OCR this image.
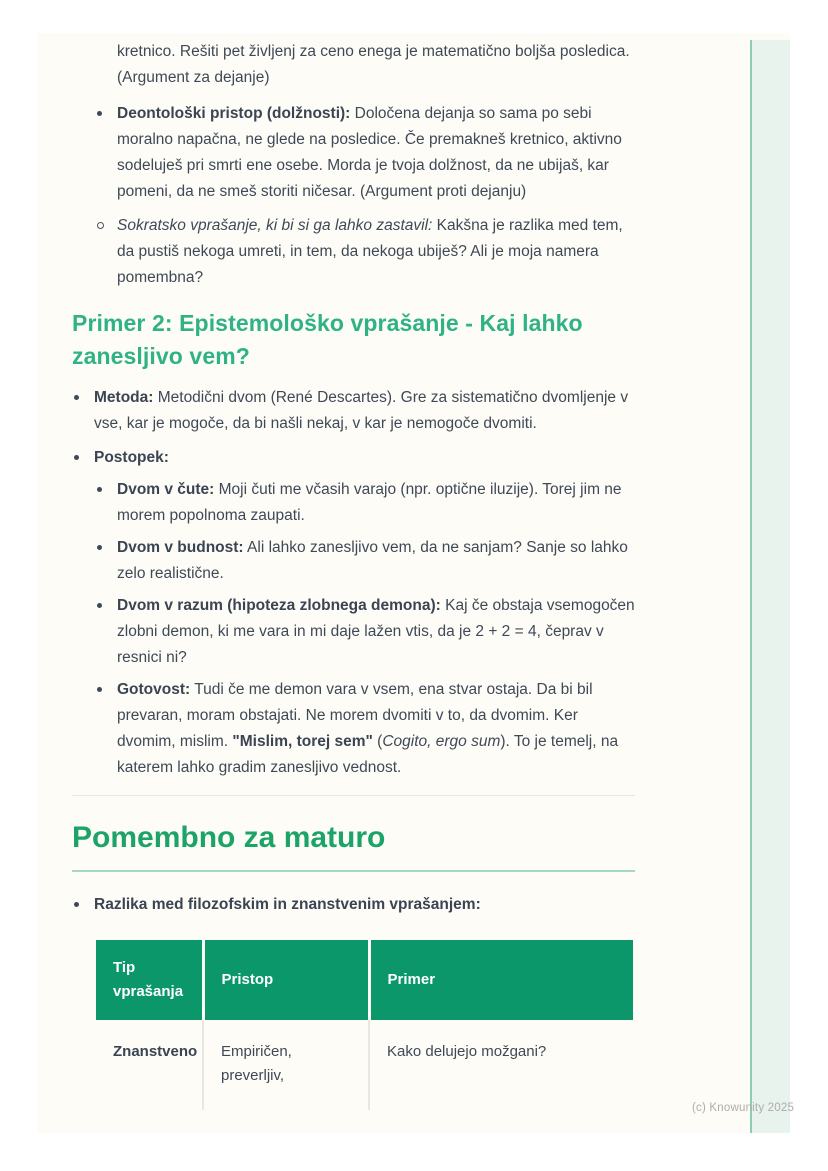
kretnico. Rešiti pet življenj za ceno enega je matematično boljša posledica. (Argument za dejanje)

Deontološki pristop (dolžnosti): Določena dejanja so sama po sebi moralno napačna, ne glede na posledice. Če premakneš kretnico, aktivno sodeluješ pri smrti ene osebe. Morda je tvoja dolžnost, da ne ubijaš, kar pomeni, da ne smeš storiti ničesar. (Argument proti dejanju)
Sokratsko vprašanje, ki bi si ga lahko zastavil: Kakšna je razlika med tem, da pustiš nekoga umreti, in tem, da nekoga ubiješ? Ali je moja namera pomembna?
Primer 2: Epistemološko vprašanje - Kaj lahko zanesljivo vem?
Metoda: Metodični dvom (René Descartes). Gre za sistematično dvomljenje v vse, kar je mogoče, da bi našli nekaj, v kar je nemogoče dvomiti.
Postopek:
Dvom v čute: Moji čuti me včasih varajo (npr. optične iluzije). Torej jim ne morem popolnoma zaupati.
Dvom v budnost: Ali lahko zanesljivo vem, da ne sanjam? Sanje so lahko zelo realistične.
Dvom v razum (hipoteza zlobnega demona): Kaj če obstaja vsemogočen zlobni demon, ki me vara in mi daje lažen vtis, da je 2 + 2 = 4, čeprav v resnici ni?
Gotovost: Tudi če me demon vara v vsem, ena stvar ostaja. Da bi bil prevaran, moram obstajati. Ne morem dvomiti v to, da dvomim. Ker dvomim, mislim. "Mislim, torej sem" (Cogito, ergo sum). To je temelj, na katerem lahko gradim zanesljivo vednost.
Pomembno za maturo
Razlika med filozofskim in znanstvenim vprašanjem:
Tip vprašanja	Pristop	Primer
Znanstveno	Empiričen, preverljiv,	Kako delujejo možgani?
(c) Knowunity 2025
